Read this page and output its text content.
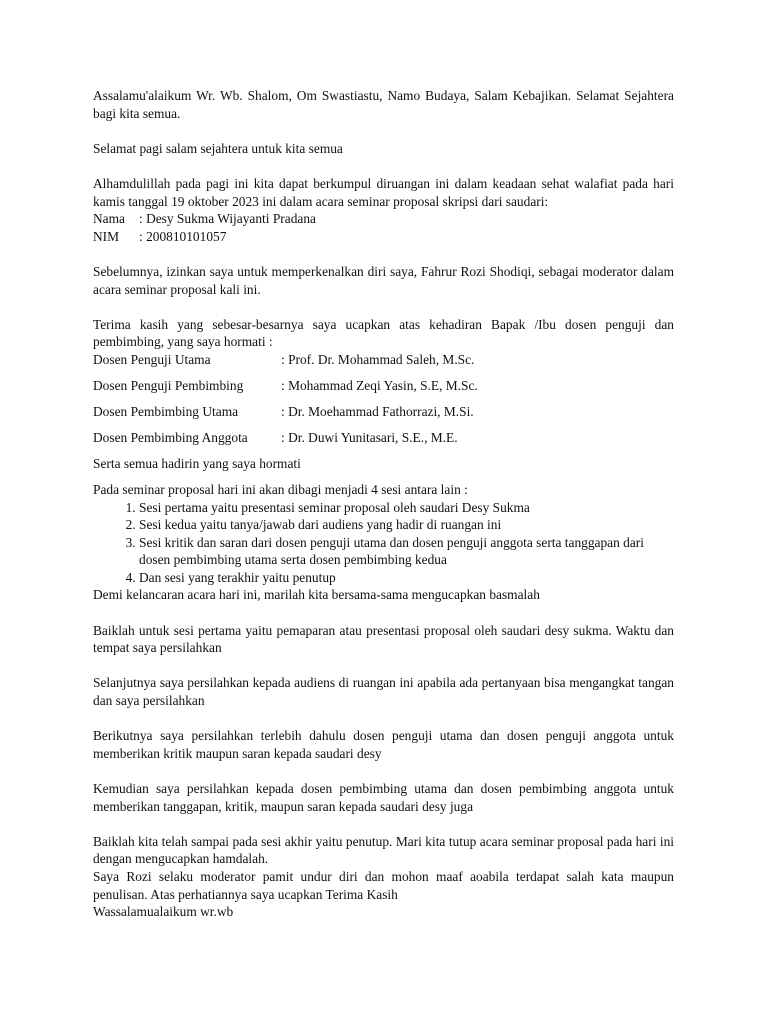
Assalamu'alaikum Wr. Wb. Shalom, Om Swastiastu, Namo Budaya, Salam Kebajikan. Selamat Sejahtera bagi kita semua.

Selamat pagi salam sejahtera untuk kita semua

Alhamdulillah pada pagi ini kita dapat berkumpul diruangan ini dalam keadaan sehat walafiat pada hari kamis tanggal 19 oktober 2023 ini dalam acara seminar proposal skripsi dari saudari:

Nama	: Desy Sukma Wijayanti Pradana
NIM	: 200810101057

Sebelumnya, izinkan saya untuk memperkenalkan diri saya, Fahrur Rozi Shodiqi, sebagai moderator dalam acara seminar proposal kali ini.

Terima kasih yang sebesar-besarnya saya ucapkan atas kehadiran Bapak /Ibu dosen penguji dan pembimbing, yang saya hormati :

Dosen Penguji Utama	: Prof. Dr. Mohammad Saleh, M.Sc.
Dosen Penguji Pembimbing	: Mohammad Zeqi Yasin, S.E, M.Sc.
Dosen Pembimbing Utama	: Dr. Moehammad Fathorrazi, M.Si.
Dosen Pembimbing Anggota	: Dr. Duwi Yunitasari, S.E., M.E.
Serta semua hadirin yang saya hormati

Pada seminar proposal hari ini akan dibagi menjadi 4 sesi antara lain :

1. Sesi pertama yaitu presentasi seminar proposal oleh saudari Desy Sukma
2. Sesi kedua yaitu tanya/jawab dari audiens yang hadir di ruangan ini
3. Sesi kritik dan saran dari dosen penguji utama dan dosen penguji anggota serta tanggapan dari dosen pembimbing utama serta dosen pembimbing kedua
4. Dan sesi yang terakhir yaitu penutup

Demi kelancaran acara hari ini, marilah kita bersama-sama mengucapkan basmalah

Baiklah untuk sesi pertama yaitu pemaparan atau presentasi proposal oleh saudari desy sukma. Waktu dan tempat saya persilahkan

Selanjutnya saya persilahkan kepada audiens di ruangan ini apabila ada pertanyaan bisa mengangkat tangan dan saya persilahkan

Berikutnya saya persilahkan terlebih dahulu dosen penguji utama dan dosen penguji anggota untuk memberikan kritik maupun saran kepada saudari desy

Kemudian saya persilahkan kepada dosen pembimbing utama dan dosen pembimbing anggota untuk memberikan tanggapan, kritik, maupun saran kepada saudari desy juga

Baiklah kita telah sampai pada sesi akhir yaitu penutup. Mari kita tutup acara seminar proposal pada hari ini dengan mengucapkan hamdalah.

Saya Rozi selaku moderator pamit undur diri dan mohon maaf aoabila terdapat salah kata maupun penulisan. Atas perhatiannya saya ucapkan Terima Kasih

Wassalamualaikum wr.wb
